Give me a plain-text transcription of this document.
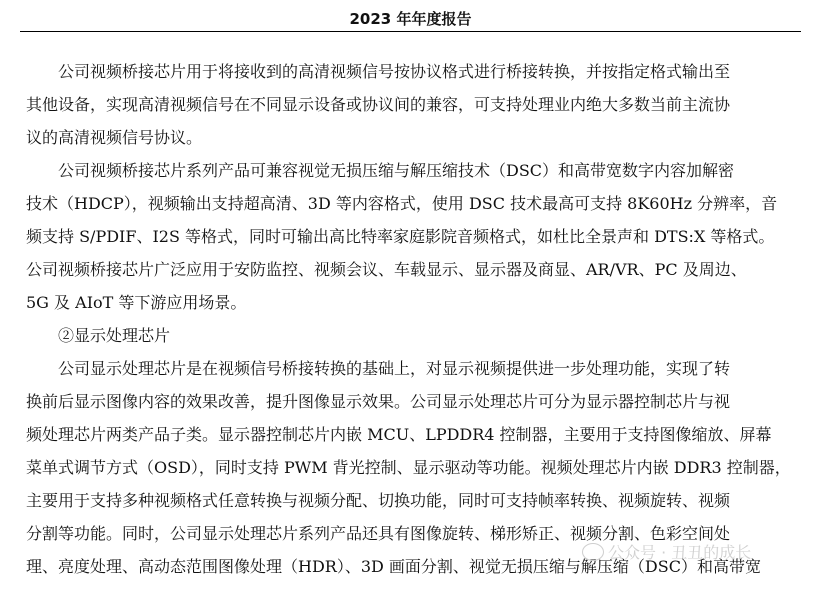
2023 年年度报告
公司视频桥接芯片用于将接收到的高清视频信号按协议格式进行桥接转换，并按指定格式输出至
其他设备，实现高清视频信号在不同显示设备或协议间的兼容，可支持处理业内绝大多数当前主流协
议的高清视频信号协议。
公司视频桥接芯片系列产品可兼容视觉无损压缩与解压缩技术（DSC）和高带宽数字内容加解密
技术（HDCP），视频输出支持超高清、3D 等内容格式，使用 DSC 技术最高可支持 8K60Hz 分辨率，音
频支持 S/PDIF、I2S 等格式，同时可输出高比特率家庭影院音频格式，如杜比全景声和 DTS:X 等格式。
公司视频桥接芯片广泛应用于安防监控、视频会议、车载显示、显示器及商显、AR/VR、PC 及周边、
5G 及 AIoT 等下游应用场景。
②显示处理芯片
公司显示处理芯片是在视频信号桥接转换的基础上，对显示视频提供进一步处理功能，实现了转
换前后显示图像内容的效果改善，提升图像显示效果。公司显示处理芯片可分为显示器控制芯片与视
频处理芯片两类产品子类。显示器控制芯片内嵌 MCU、LPDDR4 控制器，主要用于支持图像缩放、屏幕
菜单式调节方式（OSD），同时支持 PWM 背光控制、显示驱动等功能。视频处理芯片内嵌 DDR3 控制器，
主要用于支持多种视频格式任意转换与视频分配、切换功能，同时可支持帧率转换、视频旋转、视频
分割等功能。同时，公司显示处理芯片系列产品还具有图像旋转、梯形矫正、视频分割、色彩空间处
理、亮度处理、高动态范围图像处理（HDR）、3D 画面分割、视觉无损压缩与解压缩（DSC）和高带宽
公众号 · 丑丑的成长
